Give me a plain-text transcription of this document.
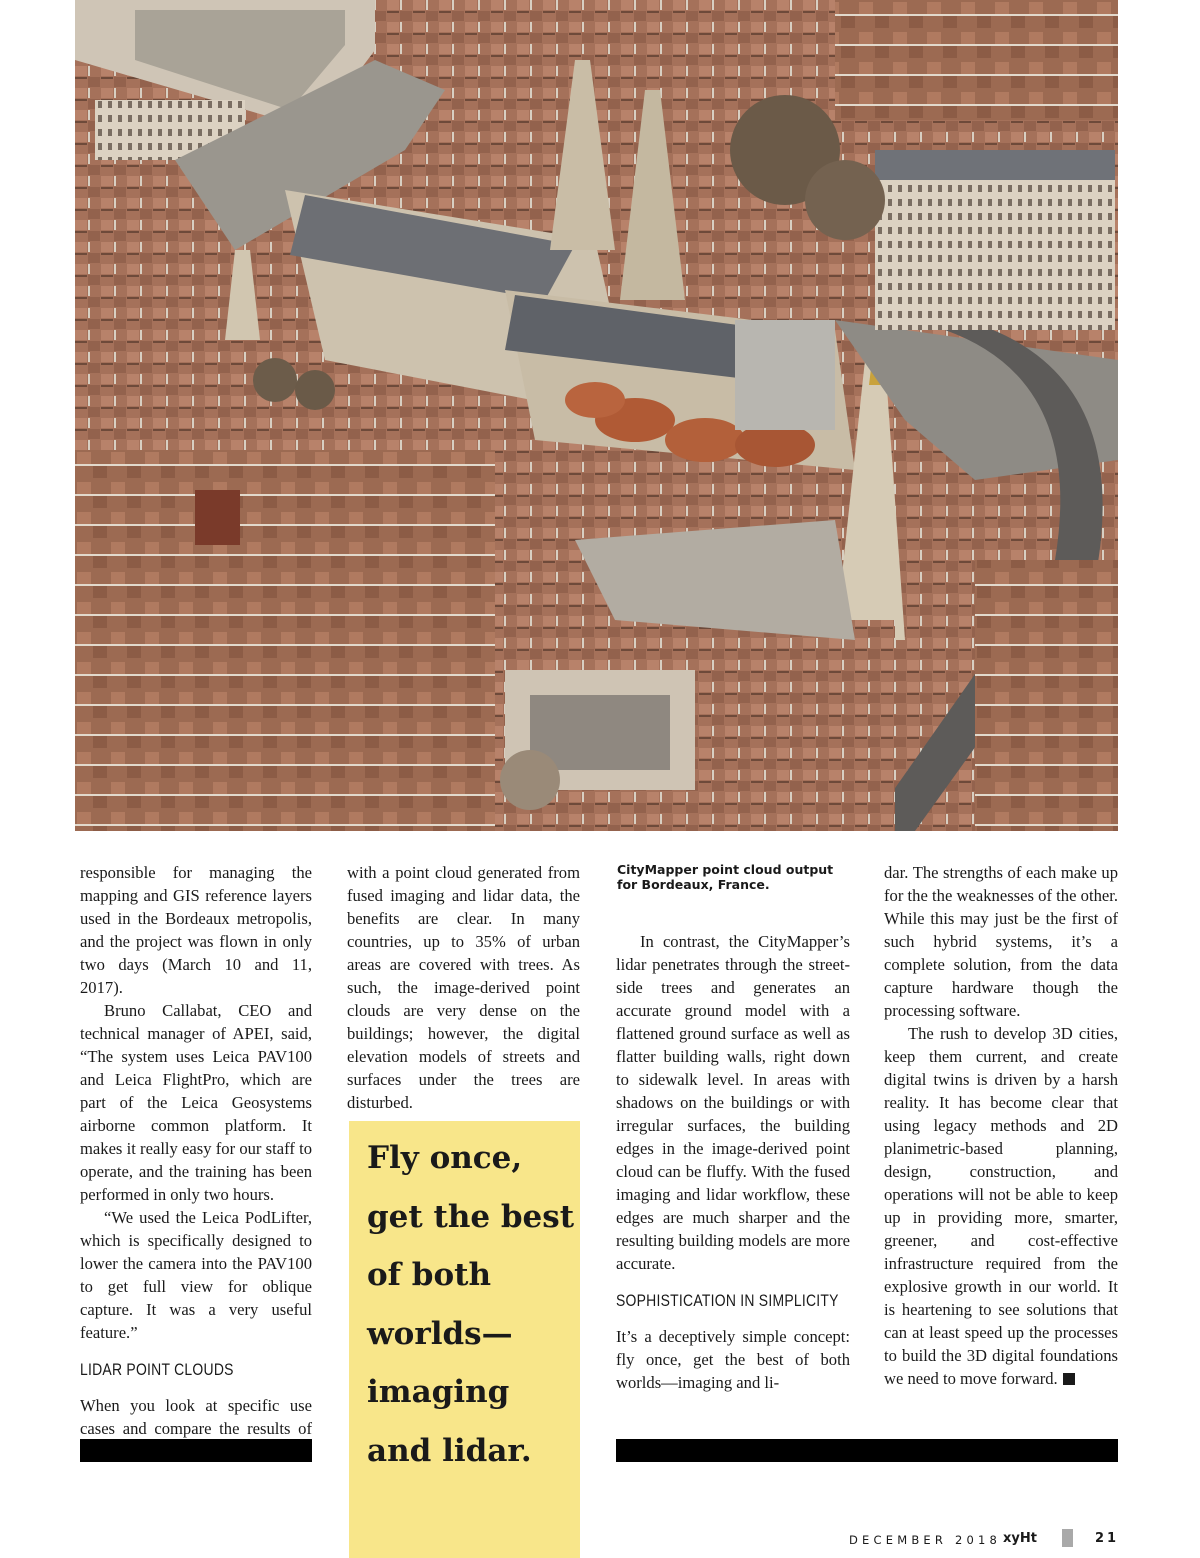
responsible for managing the mapping and GIS reference layers used in the Bordeaux metropolis, and the project was flown in only two days (March 10 and 11, 2017).

Bruno Callabat, CEO and technical manager of APEI, said, “The system uses Leica PAV100 and Leica FlightPro, which are part of the Leica Geosystems airborne common platform. It makes it really easy for our staff to operate, and the training has been performed in only two hours.

“We used the Leica PodLifter, which is specifically designed to lower the camera into the PAV100 to get full view for oblique capture. It was a very useful feature.”

LIDAR POINT CLOUDS

When you look at specific use cases and compare the results of

with a point cloud generated from fused imaging and lidar data, the benefits are clear. In many countries, up to 35% of urban areas are covered with trees. As such, the image-derived point clouds are very dense on the buildings; however, the digital elevation models of streets and surfaces under the trees are disturbed.

Fly once, get the best of both worlds—imaging and lidar.
CityMapper point cloud output for Bordeaux, France.

In contrast, the CityMapper’s lidar penetrates through the street-side trees and generates an accurate ground model with a flattened ground surface as well as flatter building walls, right down to sidewalk level. In areas with shadows on the buildings or with irregular surfaces, the building edges in the image-derived point cloud can be fluffy. With the fused imaging and lidar workflow, these edges are much sharper and the resulting building models are more accurate.

SOPHISTICATION IN SIMPLICITY

It’s a deceptively simple concept: fly once, get the best of both worlds—imaging and li-

dar. The strengths of each make up for the the weaknesses of the other. While this may just be the first of such hybrid systems, it’s a complete solution, from the data capture hardware though the processing software.

The rush to develop 3D cities, keep them current, and create digital twins is driven by a harsh reality. It has become clear that using legacy methods and 2D planimetric-based planning, design, construction, and operations will not be able to keep up in providing more, smarter, greener, and cost-effective infrastructure required from the explosive growth in our world. It is heartening to see solutions that can at least speed up the processes to build the 3D digital foundations we need to move forward.

DECEMBER 2018 xyHt	21
